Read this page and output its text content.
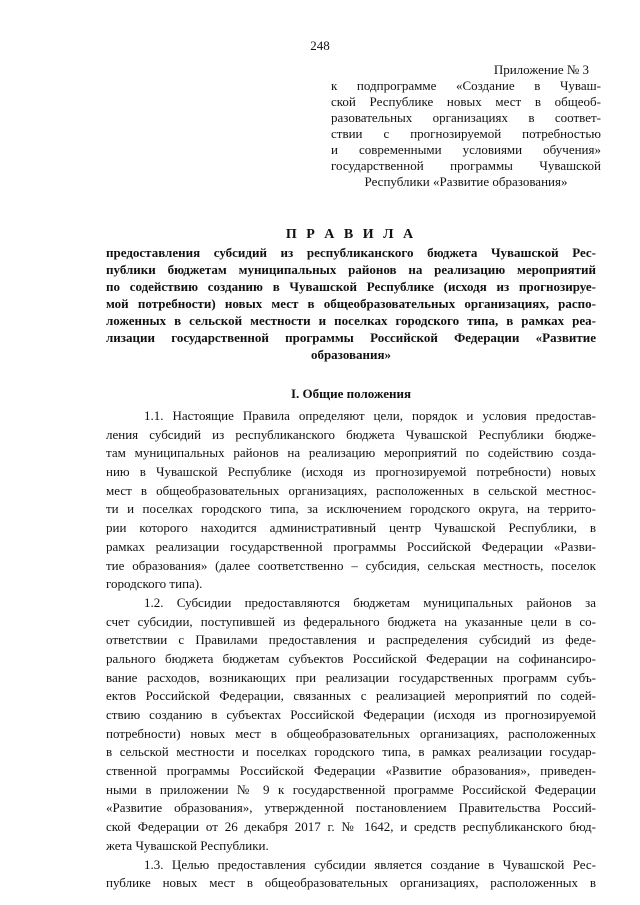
248
Приложение № 3
к подпрограмме «Создание в Чуваш-
ской Республике новых мест в общеоб-
разовательных организациях в соответ-
ствии с прогнозируемой потребностью
и современными условиями обучения»
государственной программы Чувашской
Республики «Развитие образования»
П Р А В И Л А
предоставления субсидий из республиканского бюджета Чувашской Рес-
публики бюджетам муниципальных районов на реализацию мероприятий
по содействию созданию в Чувашской Республике (исходя из прогнозируе-
мой потребности) новых мест в общеобразовательных организациях, распо-
ложенных в сельской местности и поселках городского типа, в рамках реа-
лизации государственной программы Российской Федерации «Развитие
образования»
I. Общие положения
1.1. Настоящие Правила определяют цели, порядок и условия предостав-
ления субсидий из республиканского бюджета Чувашской Республики бюдже-
там муниципальных районов на реализацию мероприятий по содействию созда-
нию в Чувашской Республике (исходя из прогнозируемой потребности) новых
мест в общеобразовательных организациях, расположенных в сельской местнос-
ти и поселках городского типа, за исключением городского округа, на террито-
рии которого находится административный центр Чувашской Республики, в
рамках реализации государственной программы Российской Федерации «Разви-
тие образования» (далее соответственно – субсидия, сельская местность, поселок
городского типа).
1.2. Субсидии предоставляются бюджетам муниципальных районов за
счет субсидии, поступившей из федерального бюджета на указанные цели в со-
ответствии с Правилами предоставления и распределения субсидий из феде-
рального бюджета бюджетам субъектов Российской Федерации на софинансиро-
вание расходов, возникающих при реализации государственных программ субъ-
ектов Российской Федерации, связанных с реализацией мероприятий по содей-
ствию созданию в субъектах Российской Федерации (исходя из прогнозируемой
потребности) новых мест в общеобразовательных организациях, расположенных
в сельской местности и поселках городского типа, в рамках реализации государ-
ственной программы Российской Федерации «Развитие образования», приведен-
ными в приложении № 9 к государственной программе Российской Федерации
«Развитие образования», утвержденной постановлением Правительства Россий-
ской Федерации от 26 декабря 2017 г. № 1642, и средств республиканского бюд-
жета Чувашской Республики.
1.3. Целью предоставления субсидии является создание в Чувашской Рес-
публике новых мест в общеобразовательных организациях, расположенных в
